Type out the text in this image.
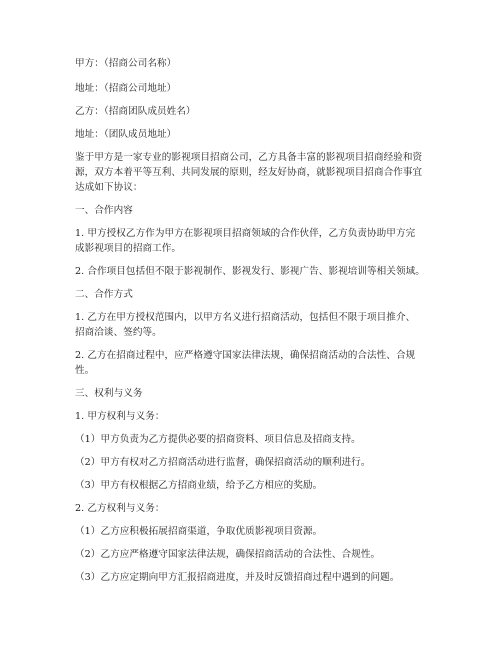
甲方：（招商公司名称）
地址：（招商公司地址）
乙方：（招商团队成员姓名）
地址：（团队成员地址）
鉴于甲方是一家专业的影视项目招商公司，乙方具备丰富的影视项目招商经验和资
源，双方本着平等互利、共同发展的原则，经友好协商，就影视项目招商合作事宜
达成如下协议：
一、合作内容
1. 甲方授权乙方作为甲方在影视项目招商领域的合作伙伴，乙方负责协助甲方完
成影视项目的招商工作。
2. 合作项目包括但不限于影视制作、影视发行、影视广告、影视培训等相关领域。
二、合作方式
1. 乙方在甲方授权范围内，以甲方名义进行招商活动，包括但不限于项目推介、
招商洽谈、签约等。
2. 乙方在招商过程中，应严格遵守国家法律法规，确保招商活动的合法性、合规
性。
三、权利与义务
1. 甲方权利与义务：
（1）甲方负责为乙方提供必要的招商资料、项目信息及招商支持。
（2）甲方有权对乙方招商活动进行监督，确保招商活动的顺利进行。
（3）甲方有权根据乙方招商业绩，给予乙方相应的奖励。
2. 乙方权利与义务：
（1）乙方应积极拓展招商渠道，争取优质影视项目资源。
（2）乙方应严格遵守国家法律法规，确保招商活动的合法性、合规性。
（3）乙方应定期向甲方汇报招商进度，并及时反馈招商过程中遇到的问题。
